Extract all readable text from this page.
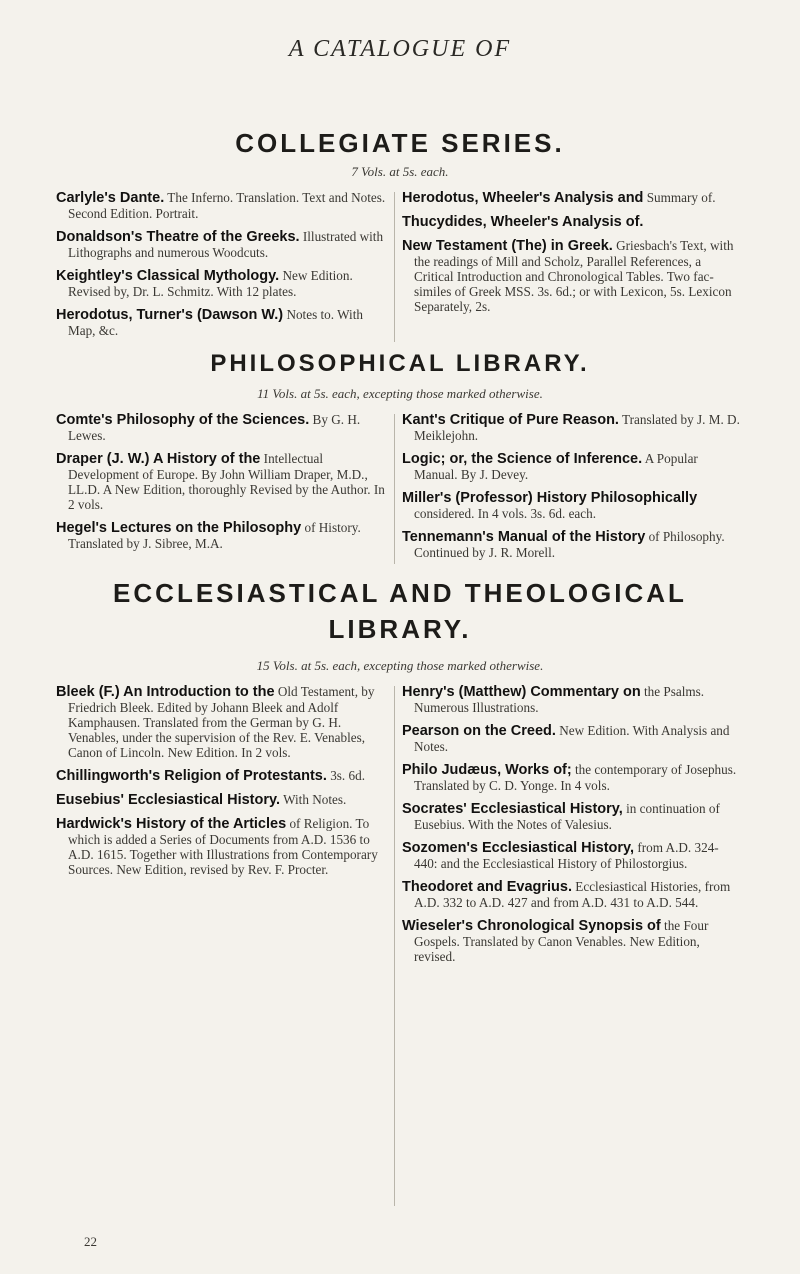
A CATALOGUE OF
COLLEGIATE SERIES.
7 Vols. at 5s. each.
Carlyle's Dante. The Inferno. Translation. Text and Notes. Second Edition. Portrait.
Donaldson's Theatre of the Greeks. Illustrated with Lithographs and numerous Woodcuts.
Keightley's Classical Mythology. New Edition. Revised by, Dr. L. Schmitz. With 12 plates.
Herodotus, Turner's (Dawson W.) Notes to. With Map, &c.
Herodotus, Wheeler's Analysis and Summary of.
Thucydides, Wheeler's Analysis of.
New Testament (The) in Greek. Griesbach's Text, with the readings of Mill and Scholz, Parallel References, a Critical Introduction and Chronological Tables. Two fac-similes of Greek MSS. 3s. 6d.; or with Lexicon, 5s. Lexicon Separately, 2s.
PHILOSOPHICAL LIBRARY.
11 Vols. at 5s. each, excepting those marked otherwise.
Comte's Philosophy of the Sciences. By G. H. Lewes.
Draper (J. W.) A History of the Intellectual Development of Europe. By John William Draper, M.D., LL.D. A New Edition, thoroughly Revised by the Author. In 2 vols.
Hegel's Lectures on the Philosophy of History. Translated by J. Sibree, M.A.
Kant's Critique of Pure Reason. Translated by J. M. D. Meiklejohn.
Logic; or, the Science of Inference. A Popular Manual. By J. Devey.
Miller's (Professor) History Philosophically considered. In 4 vols. 3s. 6d. each.
Tennemann's Manual of the History of Philosophy. Continued by J. R. Morell.
ECCLESIASTICAL AND THEOLOGICAL
LIBRARY.
15 Vols. at 5s. each, excepting those marked otherwise.
Bleek (F.) An Introduction to the Old Testament, by Friedrich Bleek. Edited by Johann Bleek and Adolf Kamphausen. Translated from the German by G. H. Venables, under the supervision of the Rev. E. Venables, Canon of Lincoln. New Edition. In 2 vols.
Chillingworth's Religion of Protestants. 3s. 6d.
Eusebius' Ecclesiastical History. With Notes.
Hardwick's History of the Articles of Religion. To which is added a Series of Documents from A.D. 1536 to A.D. 1615. Together with Illustrations from Contemporary Sources. New Edition, revised by Rev. F. Procter.
Henry's (Matthew) Commentary on the Psalms. Numerous Illustrations.
Pearson on the Creed. New Edition. With Analysis and Notes.
Philo Judæus, Works of; the contemporary of Josephus. Translated by C. D. Yonge. In 4 vols.
Socrates' Ecclesiastical History, in continuation of Eusebius. With the Notes of Valesius.
Sozomen's Ecclesiastical History, from A.D. 324-440: and the Ecclesiastical History of Philostorgius.
Theodoret and Evagrius. Ecclesiastical Histories, from A.D. 332 to A.D. 427 and from A.D. 431 to A.D. 544.
Wieseler's Chronological Synopsis of the Four Gospels. Translated by Canon Venables. New Edition, revised.
22
